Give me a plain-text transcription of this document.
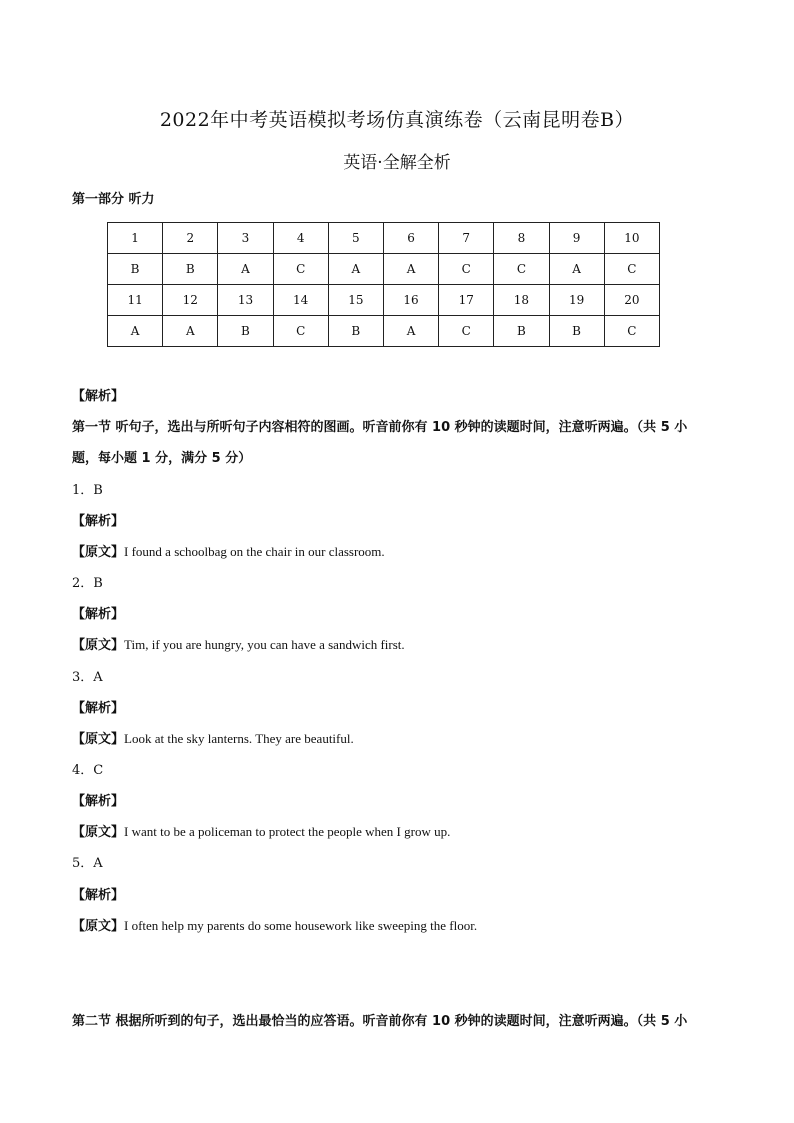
2022年中考英语模拟考场仿真演练卷（云南昆明卷B）
英语·全解全析
第一部分 听力
1	2	3	4	5	6	7	8	9	10
B	B	A	C	A	A	C	C	A	C
11	12	13	14	15	16	17	18	19	20
A	A	B	C	B	A	C	B	B	C
【解析】
第一节 听句子，选出与所听句子内容相符的图画。听音前你有 10 秒钟的读题时间，注意听两遍。（共 5 小
题，每小题 1 分，满分 5 分）
1．B
【解析】
【原文】I found a schoolbag on the chair in our classroom.
2．B
【解析】
【原文】Tim, if you are hungry, you can have a sandwich first.
3．A
【解析】
【原文】Look at the sky lanterns. They are beautiful.
4．C
【解析】
【原文】I want to be a policeman to protect the people when I grow up.
5．A
【解析】
【原文】I often help my parents do some housework like sweeping the floor.
第二节 根据所听到的句子，选出最恰当的应答语。听音前你有 10 秒钟的读题时间，注意听两遍。（共 5 小
